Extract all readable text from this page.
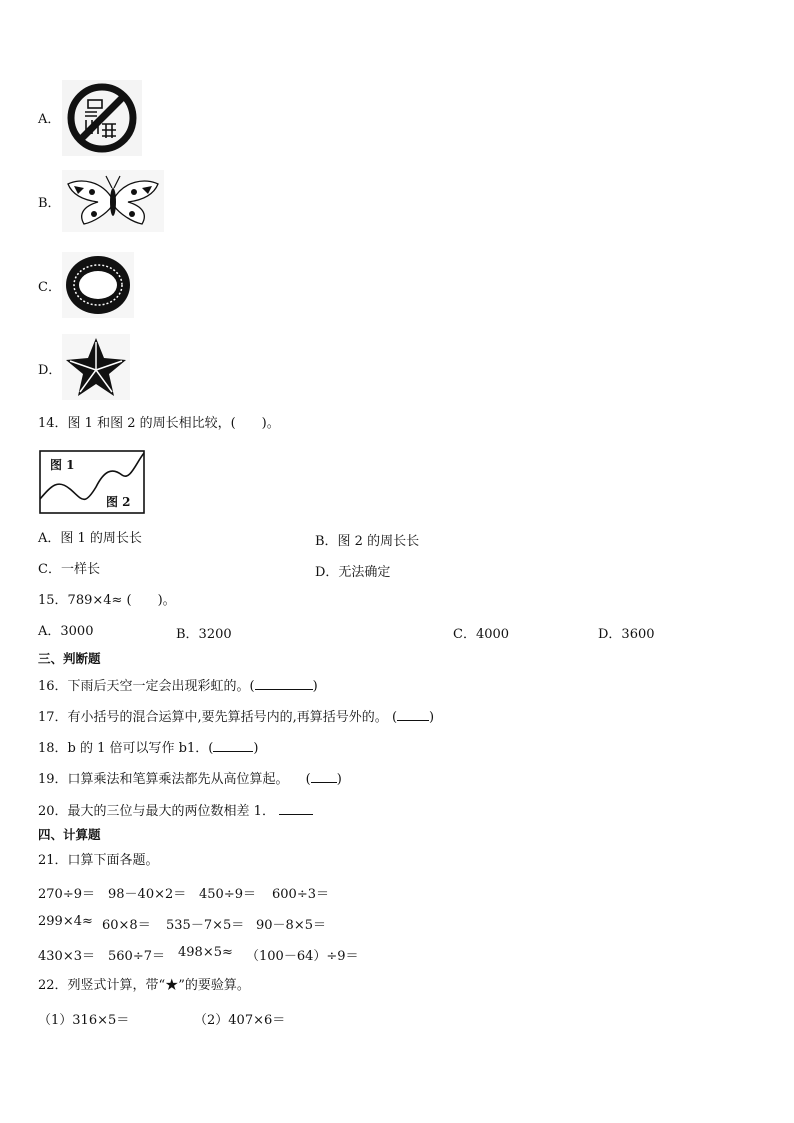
A．
B．
C．
D．
14．图 1 和图 2 的周长相比较，(　　)。
图 1
图 2
A．图 1 的周长长	B．图 2 的周长长
C．一样长	D．无法确定
15．789×4≈ (　　)。
A．3000	B．3200	C．4000	D．3600
三、判断题
16．下雨后天空一定会出现彩虹的。(	)
17．有小括号的混合运算中,要先算括号内的,再算括号外的。 ( )
18．b 的 1 倍可以写作 b1．(	)
19．口算乘法和笔算乘法都先从高位算起。 　( )
20．最大的三位与最大的两位数相差 1．
四、计算题
21．口算下面各题。
270÷9＝ 98－40×2＝ 450÷9＝ 600÷3＝
299×4≈ 60×8＝ 535－7×5＝ 90－8×5＝
430×3＝ 560÷7＝ 498×5≈ （100－64）÷9＝
22．列竖式计算，带“★”的要验算。
（1）316×5＝	（2）407×6＝
